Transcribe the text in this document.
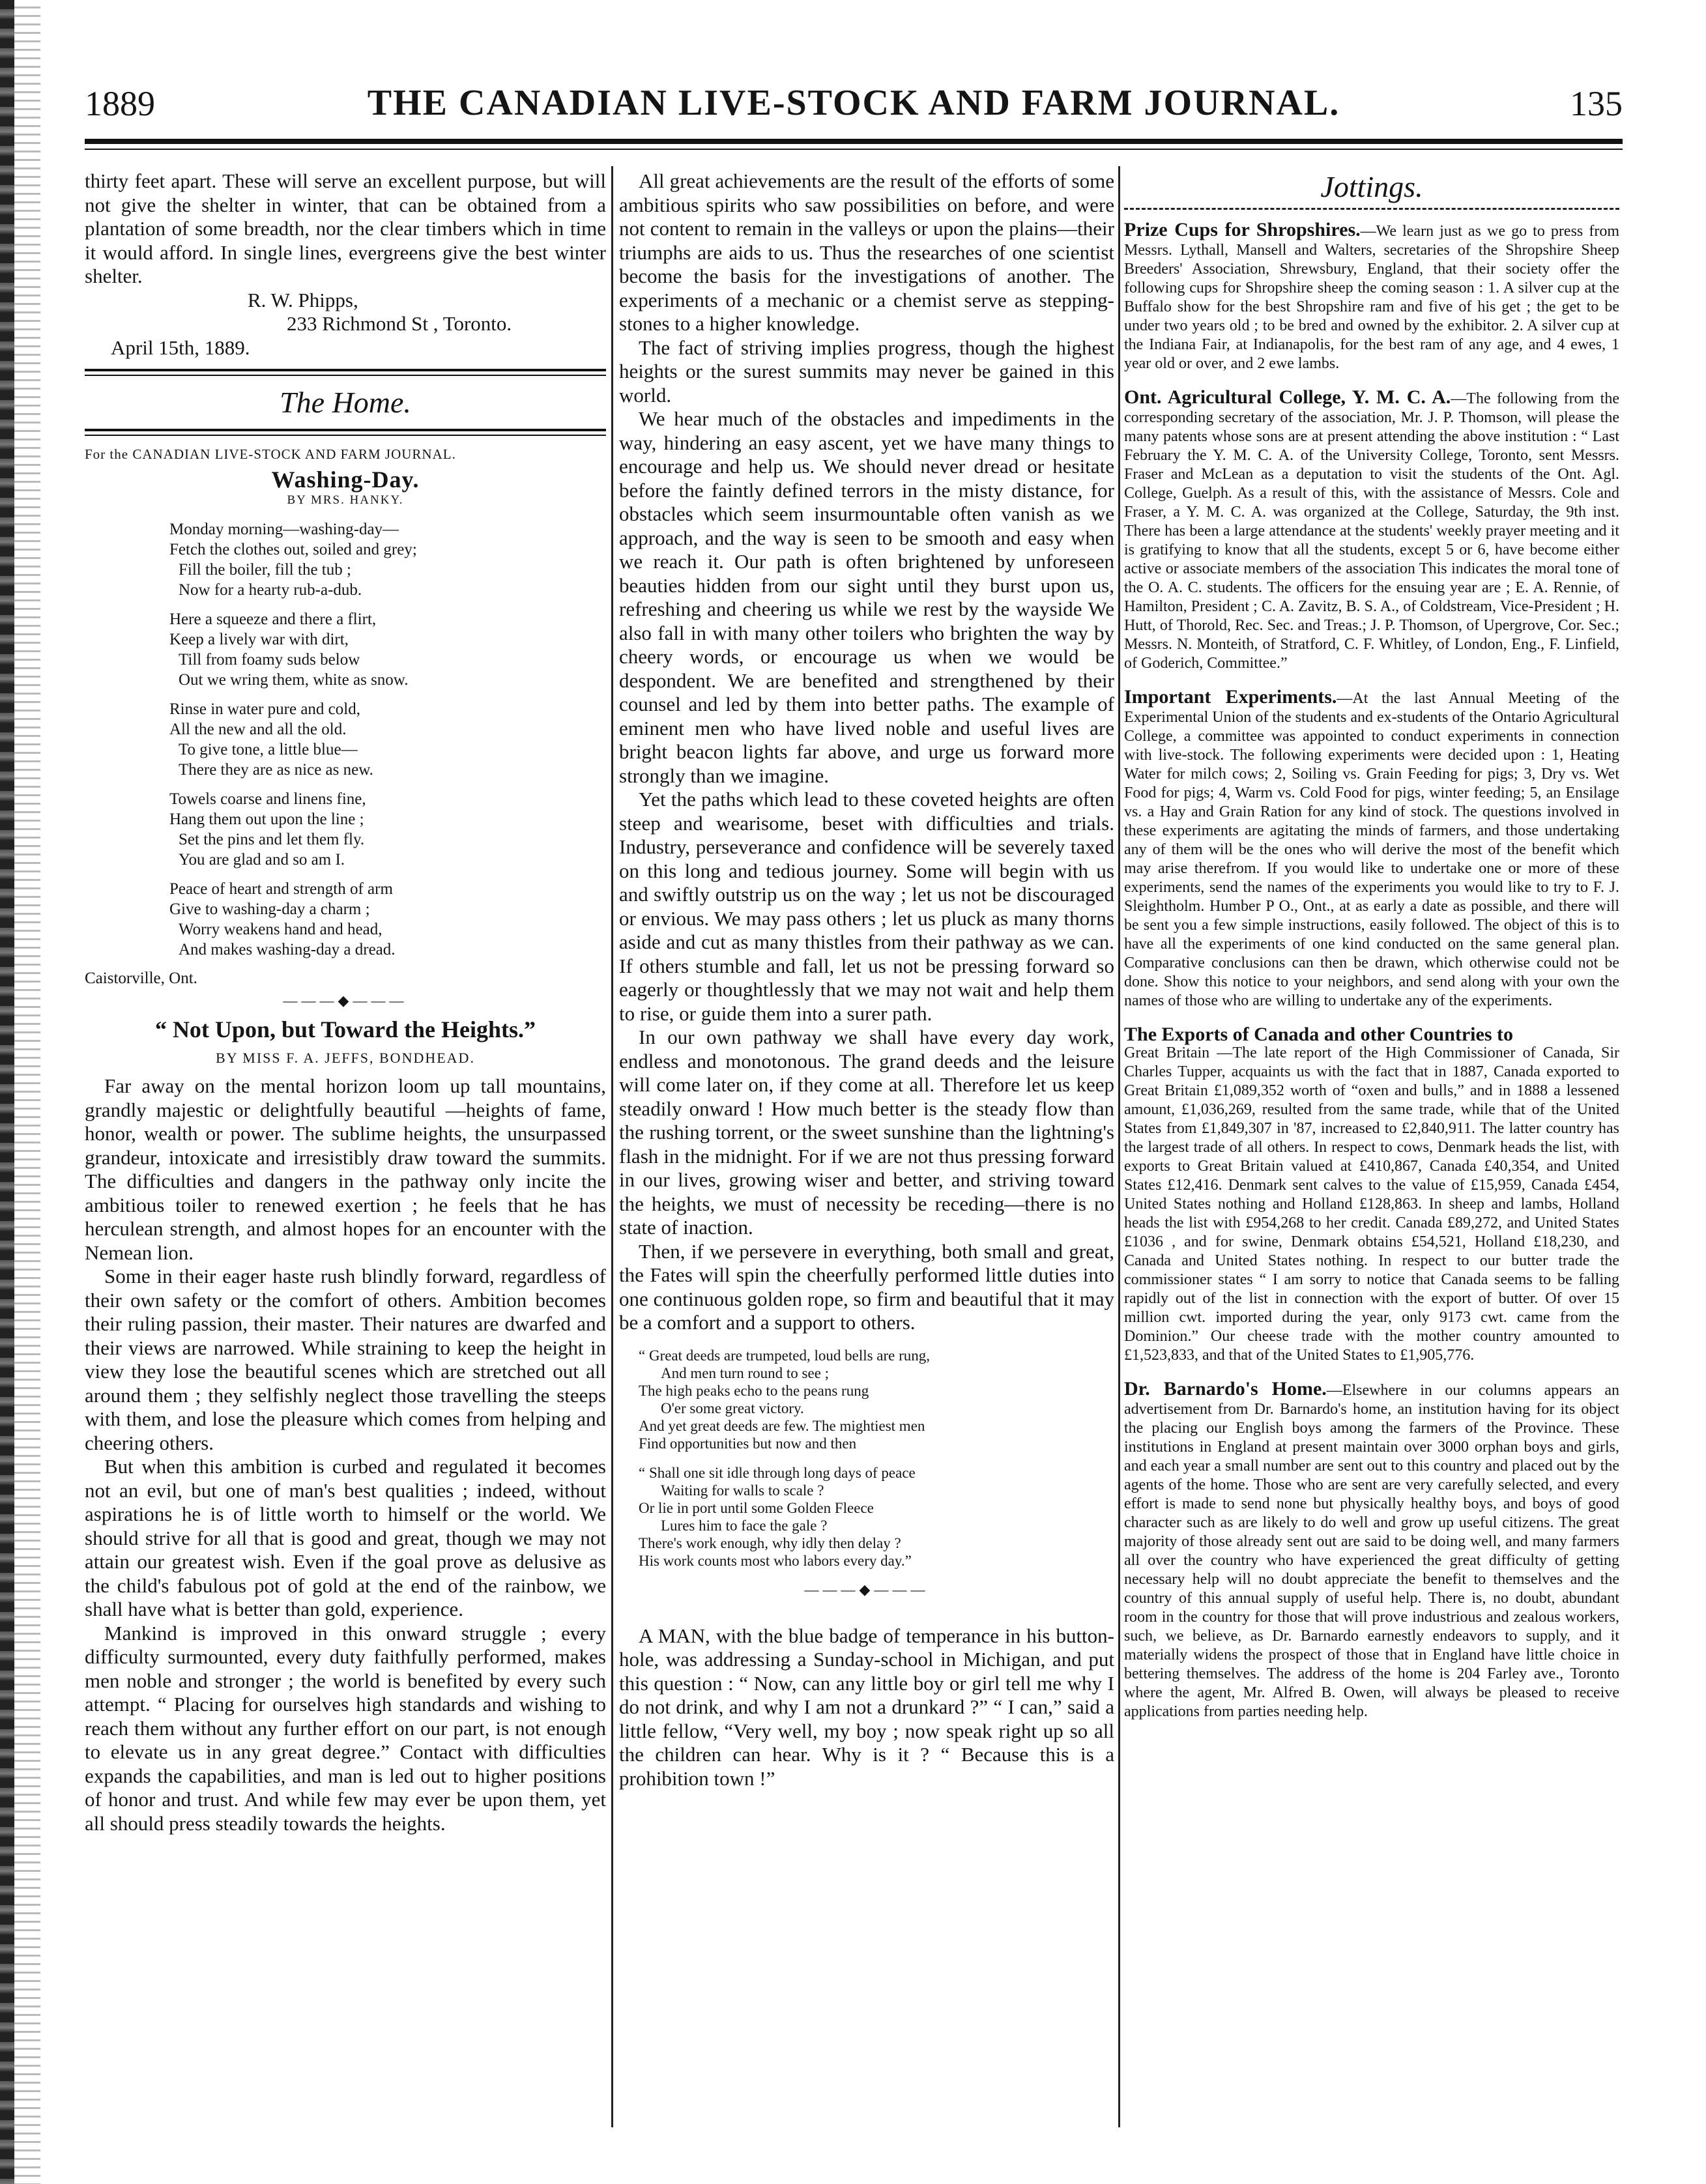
1889	THE CANADIAN LIVE-STOCK AND FARM JOURNAL.	135

thirty feet apart. These will serve an excellent purpose, but will not give the shelter in winter, that can be obtained from a plantation of some breadth, nor the clear timbers which in time it would afford. In single lines, evergreens give the best winter shelter.

R. W. Phipps,

233 Richmond St , Toronto.

April 15th, 1889.

The Home.

For the CANADIAN LIVE-STOCK AND FARM JOURNAL.

Washing-Day.
BY MRS. HANKY.
Monday morning—washing-day—
Fetch the clothes out, soiled and grey;
Fill the boiler, fill the tub ;
Now for a hearty rub-a-dub.
Here a squeeze and there a flirt,
Keep a lively war with dirt,
Till from foamy suds below
Out we wring them, white as snow.
Rinse in water pure and cold,
All the new and all the old.
To give tone, a little blue—
There they are as nice as new.
Towels coarse and linens fine,
Hang them out upon the line ;
Set the pins and let them fly.
You are glad and so am I.
Peace of heart and strength of arm
Give to washing-day a charm ;
Worry weakens hand and head,
And makes washing-day a dread.

Caistorville, Ont.

———◆———
“ Not Upon, but Toward the Heights.”
BY MISS F. A. JEFFS, BONDHEAD.

Far away on the mental horizon loom up tall mountains, grandly majestic or delightfully beautiful —heights of fame, honor, wealth or power. The sublime heights, the unsurpassed grandeur, intoxicate and irresistibly draw toward the summits. The difficulties and dangers in the pathway only incite the ambitious toiler to renewed exertion ; he feels that he has herculean strength, and almost hopes for an encounter with the Nemean lion.

Some in their eager haste rush blindly forward, regardless of their own safety or the comfort of others. Ambition becomes their ruling passion, their master. Their natures are dwarfed and their views are narrowed. While straining to keep the height in view they lose the beautiful scenes which are stretched out all around them ; they selfishly neglect those travelling the steeps with them, and lose the pleasure which comes from helping and cheering others.

But when this ambition is curbed and regulated it becomes not an evil, but one of man's best qualities ; indeed, without aspirations he is of little worth to himself or the world. We should strive for all that is good and great, though we may not attain our greatest wish. Even if the goal prove as delusive as the child's fabulous pot of gold at the end of the rainbow, we shall have what is better than gold, experience.

Mankind is improved in this onward struggle ; every difficulty surmounted, every duty faithfully performed, makes men noble and stronger ; the world is benefited by every such attempt. “ Placing for ourselves high standards and wishing to reach them without any further effort on our part, is not enough to elevate us in any great degree.” Contact with difficulties expands the capabilities, and man is led out to higher positions of honor and trust. And while few may ever be upon them, yet all should press steadily towards the heights.

All great achievements are the result of the efforts of some ambitious spirits who saw possibilities on before, and were not content to remain in the valleys or upon the plains—their triumphs are aids to us. Thus the researches of one scientist become the basis for the investigations of another. The experiments of a mechanic or a chemist serve as stepping-stones to a higher knowledge.

The fact of striving implies progress, though the highest heights or the surest summits may never be gained in this world.

We hear much of the obstacles and impediments in the way, hindering an easy ascent, yet we have many things to encourage and help us. We should never dread or hesitate before the faintly defined terrors in the misty distance, for obstacles which seem insurmountable often vanish as we approach, and the way is seen to be smooth and easy when we reach it. Our path is often brightened by unforeseen beauties hidden from our sight until they burst upon us, refreshing and cheering us while we rest by the wayside We also fall in with many other toilers who brighten the way by cheery words, or encourage us when we would be despondent. We are benefited and strengthened by their counsel and led by them into better paths. The example of eminent men who have lived noble and useful lives are bright beacon lights far above, and urge us forward more strongly than we imagine.

Yet the paths which lead to these coveted heights are often steep and wearisome, beset with difficulties and trials. Industry, perseverance and confidence will be severely taxed on this long and tedious journey. Some will begin with us and swiftly outstrip us on the way ; let us not be discouraged or envious. We may pass others ; let us pluck as many thorns aside and cut as many thistles from their pathway as we can. If others stumble and fall, let us not be pressing forward so eagerly or thoughtlessly that we may not wait and help them to rise, or guide them into a surer path.

In our own pathway we shall have every day work, endless and monotonous. The grand deeds and the leisure will come later on, if they come at all. Therefore let us keep steadily onward ! How much better is the steady flow than the rushing torrent, or the sweet sunshine than the lightning's flash in the midnight. For if we are not thus pressing forward in our lives, growing wiser and better, and striving toward the heights, we must of necessity be receding—there is no state of inaction.

Then, if we persevere in everything, both small and great, the Fates will spin the cheerfully performed little duties into one continuous golden rope, so firm and beautiful that it may be a comfort and a support to others.

“ Great deeds are trumpeted, loud bells are rung,
And men turn round to see ;
The high peaks echo to the peans rung
O'er some great victory.
And yet great deeds are few. The mightiest men
Find opportunities but now and then
“ Shall one sit idle through long days of peace
Waiting for walls to scale ?
Or lie in port until some Golden Fleece
Lures him to face the gale ?
There's work enough, why idly then delay ?
His work counts most who labors every day.”
———◆———

A MAN, with the blue badge of temperance in his button-hole, was addressing a Sunday-school in Michigan, and put this question : “ Now, can any little boy or girl tell me why I do not drink, and why I am not a drunkard ?” “ I can,” said a little fellow, “Very well, my boy ; now speak right up so all the children can hear. Why is it ? “ Because this is a prohibition town !”

Jottings.

Prize Cups for Shropshires.—We learn just as we go to press from Messrs. Lythall, Mansell and Walters, secretaries of the Shropshire Sheep Breeders' Association, Shrewsbury, England, that their society offer the following cups for Shropshire sheep the coming season : 1. A silver cup at the Buffalo show for the best Shropshire ram and five of his get ; the get to be under two years old ; to be bred and owned by the exhibitor. 2. A silver cup at the Indiana Fair, at Indianapolis, for the best ram of any age, and 4 ewes, 1 year old or over, and 2 ewe lambs.

Ont. Agricultural College, Y. M. C. A.—The following from the corresponding secretary of the association, Mr. J. P. Thomson, will please the many patents whose sons are at present attending the above institution : “ Last February the Y. M. C. A. of the University College, Toronto, sent Messrs. Fraser and McLean as a deputation to visit the students of the Ont. Agl. College, Guelph. As a result of this, with the assistance of Messrs. Cole and Fraser, a Y. M. C. A. was organized at the College, Saturday, the 9th inst. There has been a large attendance at the students' weekly prayer meeting and it is gratifying to know that all the students, except 5 or 6, have become either active or associate members of the association This indicates the moral tone of the O. A. C. students. The officers for the ensuing year are ; E. A. Rennie, of Hamilton, President ; C. A. Zavitz, B. S. A., of Coldstream, Vice-President ; H. Hutt, of Thorold, Rec. Sec. and Treas.; J. P. Thomson, of Upergrove, Cor. Sec.; Messrs. N. Monteith, of Stratford, C. F. Whitley, of London, Eng., F. Linfield, of Goderich, Committee.”

Important Experiments.—At the last Annual Meeting of the Experimental Union of the students and ex-students of the Ontario Agricultural College, a committee was appointed to conduct experiments in connection with live-stock. The following experiments were decided upon : 1, Heating Water for milch cows; 2, Soiling vs. Grain Feeding for pigs; 3, Dry vs. Wet Food for pigs; 4, Warm vs. Cold Food for pigs, winter feeding; 5, an Ensilage vs. a Hay and Grain Ration for any kind of stock. The questions involved in these experiments are agitating the minds of farmers, and those undertaking any of them will be the ones who will derive the most of the benefit which may arise therefrom. If you would like to undertake one or more of these experiments, send the names of the experiments you would like to try to F. J. Sleightholm. Humber P O., Ont., at as early a date as possible, and there will be sent you a few simple instructions, easily followed. The object of this is to have all the experiments of one kind conducted on the same general plan. Comparative conclusions can then be drawn, which otherwise could not be done. Show this notice to your neighbors, and send along with your own the names of those who are willing to undertake any of the experiments.

The Exports of Canada and other Countries to
Great Britain —The late report of the High Commissioner of Canada, Sir Charles Tupper, acquaints us with the fact that in 1887, Canada exported to Great Britain £1,089,352 worth of “oxen and bulls,” and in 1888 a lessened amount, £1,036,269, resulted from the same trade, while that of the United States from £1,849,307 in '87, increased to £2,840,911. The latter country has the largest trade of all others. In respect to cows, Denmark heads the list, with exports to Great Britain valued at £410,867, Canada £40,354, and United States £12,416. Denmark sent calves to the value of £15,959, Canada £454, United States nothing and Holland £128,863. In sheep and lambs, Holland heads the list with £954,268 to her credit. Canada £89,272, and United States £1036 , and for swine, Denmark obtains £54,521, Holland £18,230, and Canada and United States nothing. In respect to our butter trade the commissioner states “ I am sorry to notice that Canada seems to be falling rapidly out of the list in connection with the export of butter. Of over 15 million cwt. imported during the year, only 9173 cwt. came from the Dominion.” Our cheese trade with the mother country amounted to £1,523,833, and that of the United States to £1,905,776.

Dr. Barnardo's Home.—Elsewhere in our columns appears an advertisement from Dr. Barnardo's home, an institution having for its object the placing our English boys among the farmers of the Province. These institutions in England at present maintain over 3000 orphan boys and girls, and each year a small number are sent out to this country and placed out by the agents of the home. Those who are sent are very carefully selected, and every effort is made to send none but physically healthy boys, and boys of good character such as are likely to do well and grow up useful citizens. The great majority of those already sent out are said to be doing well, and many farmers all over the country who have experienced the great difficulty of getting necessary help will no doubt appreciate the benefit to themselves and the country of this annual supply of useful help. There is, no doubt, abundant room in the country for those that will prove industrious and zealous workers, such, we believe, as Dr. Barnardo earnestly endeavors to supply, and it materially widens the prospect of those that in England have little choice in bettering themselves. The address of the home is 204 Farley ave., Toronto where the agent, Mr. Alfred B. Owen, will always be pleased to receive applications from parties needing help.
